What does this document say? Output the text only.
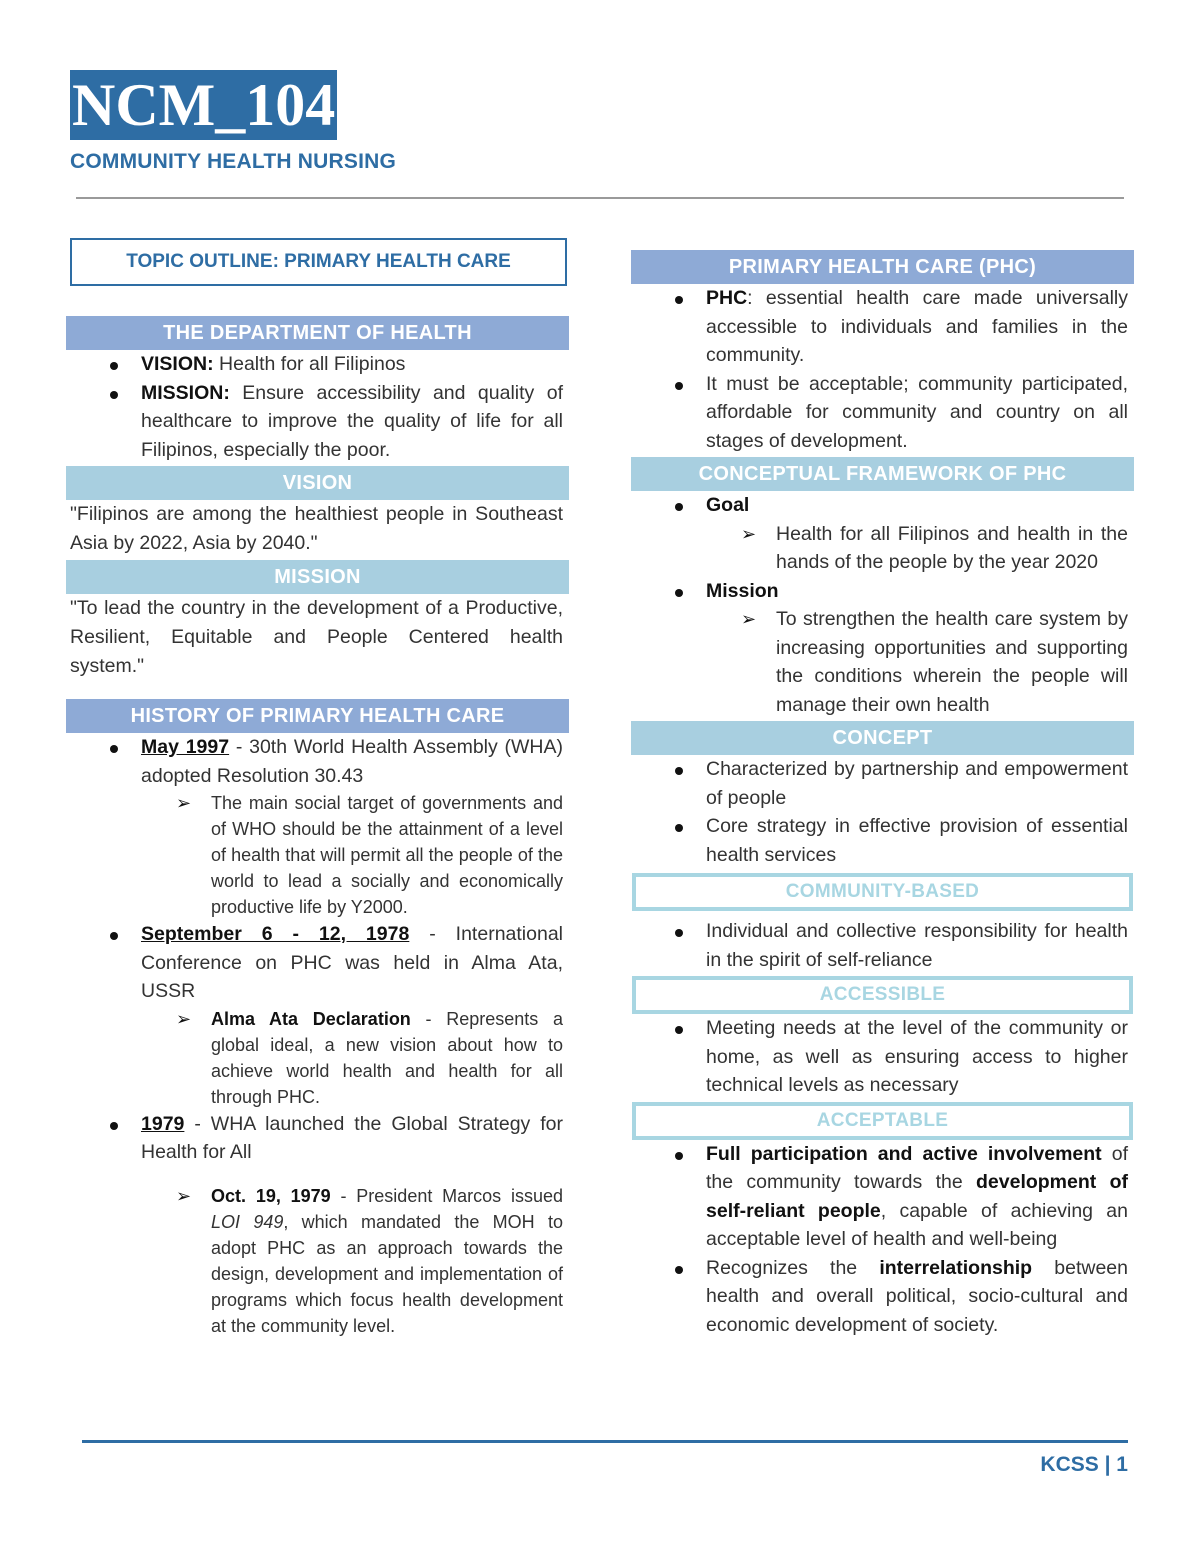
NCM_104
COMMUNITY HEALTH NURSING
TOPIC OUTLINE: PRIMARY HEALTH CARE
THE DEPARTMENT OF HEALTH
VISION: Health for all Filipinos
MISSION: Ensure accessibility and quality of healthcare to improve the quality of life for all Filipinos, especially the poor.
VISION
"Filipinos are among the healthiest people in Southeast Asia by 2022, Asia by 2040."
MISSION
"To lead the country in the development of a Productive, Resilient, Equitable and People Centered health system."
HISTORY OF PRIMARY HEALTH CARE
May 1997 - 30th World Health Assembly (WHA) adopted Resolution 30.43
➢ The main social target of governments and of WHO should be the attainment of a level of health that will permit all the people of the world to lead a socially and economically productive life by Y2000.
September 6 - 12, 1978 - International Conference on PHC was held in Alma Ata, USSR
➢ Alma Ata Declaration - Represents a global ideal, a new vision about how to achieve world health and health for all through PHC.
1979 - WHA launched the Global Strategy for Health for All
➢ Oct. 19, 1979 - President Marcos issued LOI 949, which mandated the MOH to adopt PHC as an approach towards the design, development and implementation of programs which focus health development at the community level.
PRIMARY HEALTH CARE (PHC)
PHC: essential health care made universally accessible to individuals and families in the community.
It must be acceptable; community participated, affordable for community and country on all stages of development.
CONCEPTUAL FRAMEWORK OF PHC
Goal
➢ Health for all Filipinos and health in the hands of the people by the year 2020
Mission
➢ To strengthen the health care system by increasing opportunities and supporting the conditions wherein the people will manage their own health
CONCEPT
Characterized by partnership and empowerment of people
Core strategy in effective provision of essential health services
COMMUNITY-BASED
Individual and collective responsibility for health in the spirit of self-reliance
ACCESSIBLE
Meeting needs at the level of the community or home, as well as ensuring access to higher technical levels as necessary
ACCEPTABLE
Full participation and active involvement of the community towards the development of self-reliant people, capable of achieving an acceptable level of health and well-being
Recognizes the interrelationship between health and overall political, socio-cultural and economic development of society.
KCSS | 1
